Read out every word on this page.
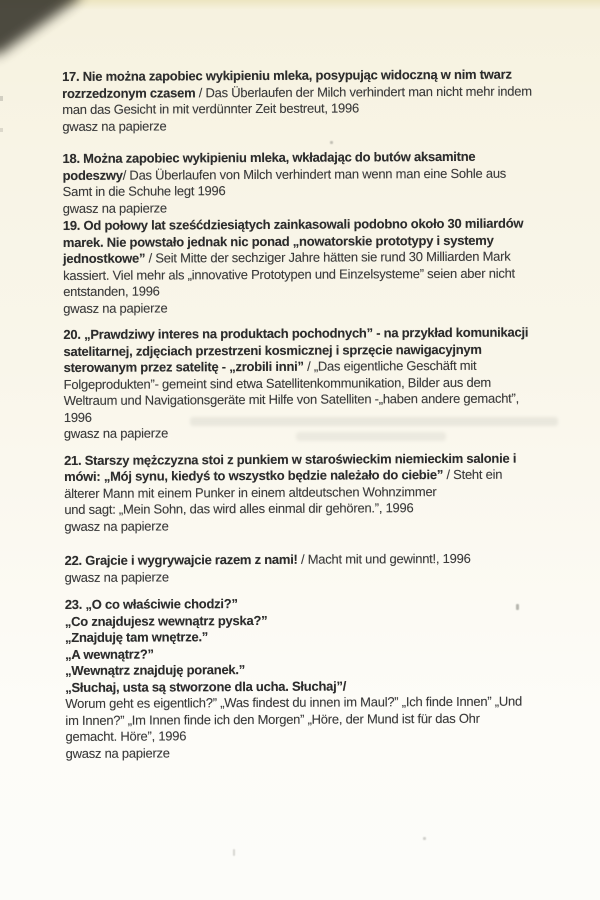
17. Nie można zapobiec wykipieniu mleka, posypując widoczną w nim twarz
rozrzedzonym czasem / Das Überlaufen der Milch verhindert man nicht mehr indem
man das Gesicht in mit verdünnter Zeit bestreut, 1996
gwasz na papierze
18. Można zapobiec wykipieniu mleka, wkładając do butów aksamitne
podeszwy/ Das Überlaufen von Milch verhindert man wenn man eine Sohle aus
Samt in die Schuhe legt 1996
gwasz na papierze
19. Od połowy lat sześćdziesiątych zainkasowali podobno około 30 miliardów
marek. Nie powstało jednak nic ponad „nowatorskie prototypy i systemy
jednostkowe” / Seit Mitte der sechziger Jahre hätten sie rund 30 Milliarden Mark
kassiert. Viel mehr als „innovative Prototypen und Einzelsysteme” seien aber nicht
entstanden, 1996
gwasz na papierze
20. „Prawdziwy interes na produktach pochodnych” - na przykład komunikacji
satelitarnej, zdjęciach przestrzeni kosmicznej i sprzęcie nawigacyjnym
sterowanym przez satelitę - „zrobili inni” / „Das eigentliche Geschäft mit
Folgeprodukten”- gemeint sind etwa Satellitenkommunikation, Bilder aus dem
Weltraum und Navigationsgeräte mit Hilfe von Satelliten -„haben andere gemacht”,
1996
gwasz na papierze
21. Starszy mężczyzna stoi z punkiem w staroświeckim niemieckim salonie i
mówi: „Mój synu, kiedyś to wszystko będzie należało do ciebie” / Steht ein
älterer Mann mit einem Punker in einem altdeutschen Wohnzimmer
und sagt: „Mein Sohn, das wird alles einmal dir gehören.”, 1996
gwasz na papierze
22. Grajcie i wygrywajcie razem z nami! / Macht mit und gewinnt!, 1996
gwasz na papierze
23. „O co właściwie chodzi?”
„Co znajdujesz wewnątrz pyska?”
„Znajduję tam wnętrze.”
„A wewnątrz?”
„Wewnątrz znajduję poranek.”
„Słuchaj, usta są stworzone dla ucha. Słuchaj”/
Worum geht es eigentlich?” „Was findest du innen im Maul?” „Ich finde Innen” „Und
im Innen?” „Im Innen finde ich den Morgen” „Höre, der Mund ist für das Ohr
gemacht. Höre”, 1996
gwasz na papierze
